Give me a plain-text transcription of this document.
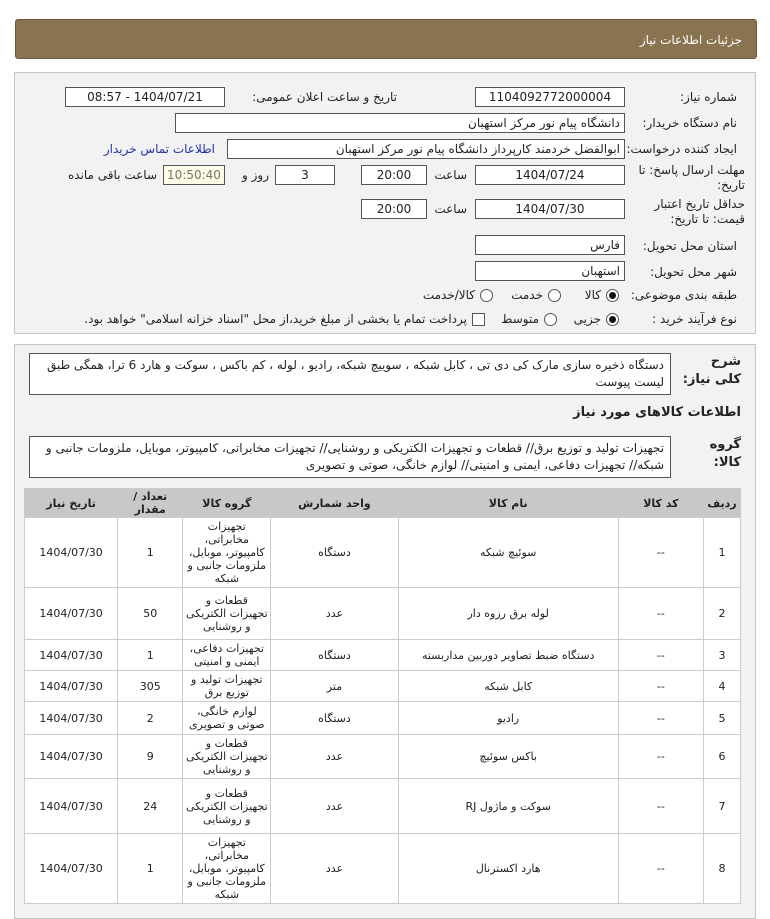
جزئیات اطلاعات نیاز
شماره نیاز:
1104092772000004
تاریخ و ساعت اعلان عمومی:
1404/07/21 - 08:57
نام دستگاه خریدار:
دانشگاه پیام نور مرکز استهبان
ایجاد کننده درخواست:
ابوالفضل خردمند کارپرداز دانشگاه پیام نور مرکز استهبان
اطلاعات تماس خریدار
مهلت ارسال پاسخ: تا تاریخ:
1404/07/24
ساعت
20:00
3
روز و
10:50:40
ساعت باقی مانده
حداقل تاریخ اعتبار قیمت: تا تاریخ:
1404/07/30
ساعت
20:00
استان محل تحویل:
فارس
شهر محل تحویل:
استهبان
طبقه بندی موضوعی:
کالا
خدمت
کالا/خدمت
نوع فرآیند خرید :
جزیی
متوسط
پرداخت تمام یا بخشی از مبلغ خرید،از محل "اسناد خزانه اسلامی" خواهد بود.
شرح کلی نیاز:
دستگاه ذخیره سازی مارک کی دی تی ، کابل شبکه ، سوییچ شبکه، رادیو ، لوله ، کم باکس ، سوکت و هارد 6 ترا، همگی طبق لیست پیوست
اطلاعات کالاهای مورد نیاز
گروه کالا:
تجهیزات تولید و توزیع برق// قطعات و تجهیزات الکتریکی و روشنایی// تجهیزات مخابراتی، کامپیوتر، موبایل، ملزومات جانبی و شبکه// تجهیزات دفاعی، ایمنی و امنیتی// لوازم خانگی، صوتی و تصویری
ردیف	کد کالا	نام کالا	واحد شمارش	گروه کالا	تعداد / مقدار	تاریخ نیاز
1	--	سوئیچ شبکه	دستگاه	تجهیزات مخابراتی، کامپیوتر، موبایل، ملزومات جانبی و شبکه	1	1404/07/30
2	--	لوله برق رزوه دار	عدد	قطعات و تجهیزات الکتریکی و روشنایی	50	1404/07/30
3	--	دستگاه ضبط تصاویر دوربین مداربسته	دستگاه	تجهیزات دفاعی، ایمنی و امنیتی	1	1404/07/30
4	--	کابل شبکه	متر	تجهیزات تولید و توزیع برق	305	1404/07/30
5	--	رادیو	دستگاه	لوازم خانگی، صوتی و تصویری	2	1404/07/30
6	--	باکس سوئیچ	عدد	قطعات و تجهیزات الکتریکی و روشنایی	9	1404/07/30
7	--	سوکت و ماژول RJ	عدد	قطعات و تجهیزات الکتریکی و روشنایی	24	1404/07/30
8	--	هارد اکسترنال	عدد	تجهیزات مخابراتی، کامپیوتر، موبایل، ملزومات جانبی و شبکه	1	1404/07/30
